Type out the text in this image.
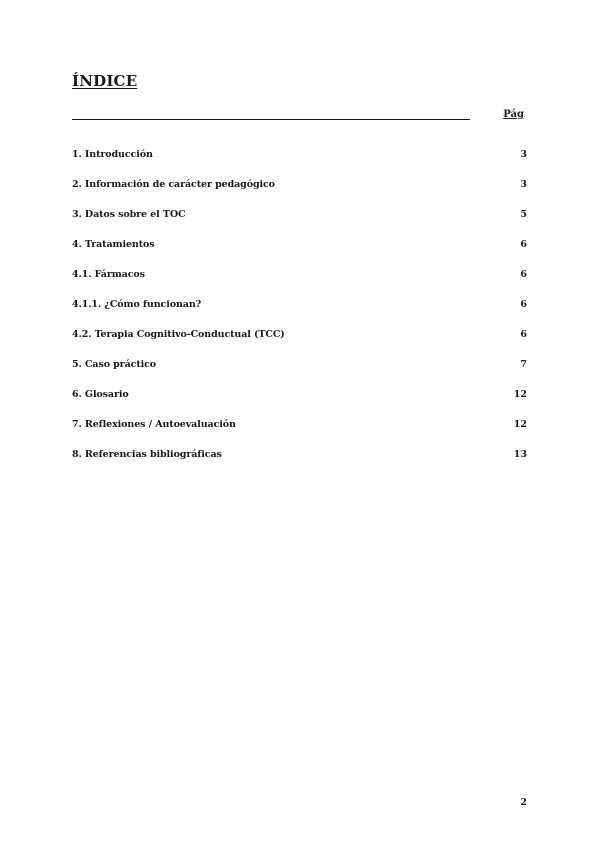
ÍNDICE
Pág
1. Introducción	3
2. Información de carácter pedagógico	3
3. Datos sobre el TOC	5
4. Tratamientos	6
4.1. Fármacos	6
4.1.1. ¿Cómo funcionan?	6
4.2. Terapia Cognitivo-Conductual (TCC)	6
5. Caso práctico	7
6. Glosario	12
7. Reflexiones / Autoevaluación	12
8. Referencias bibliográficas	13
2
